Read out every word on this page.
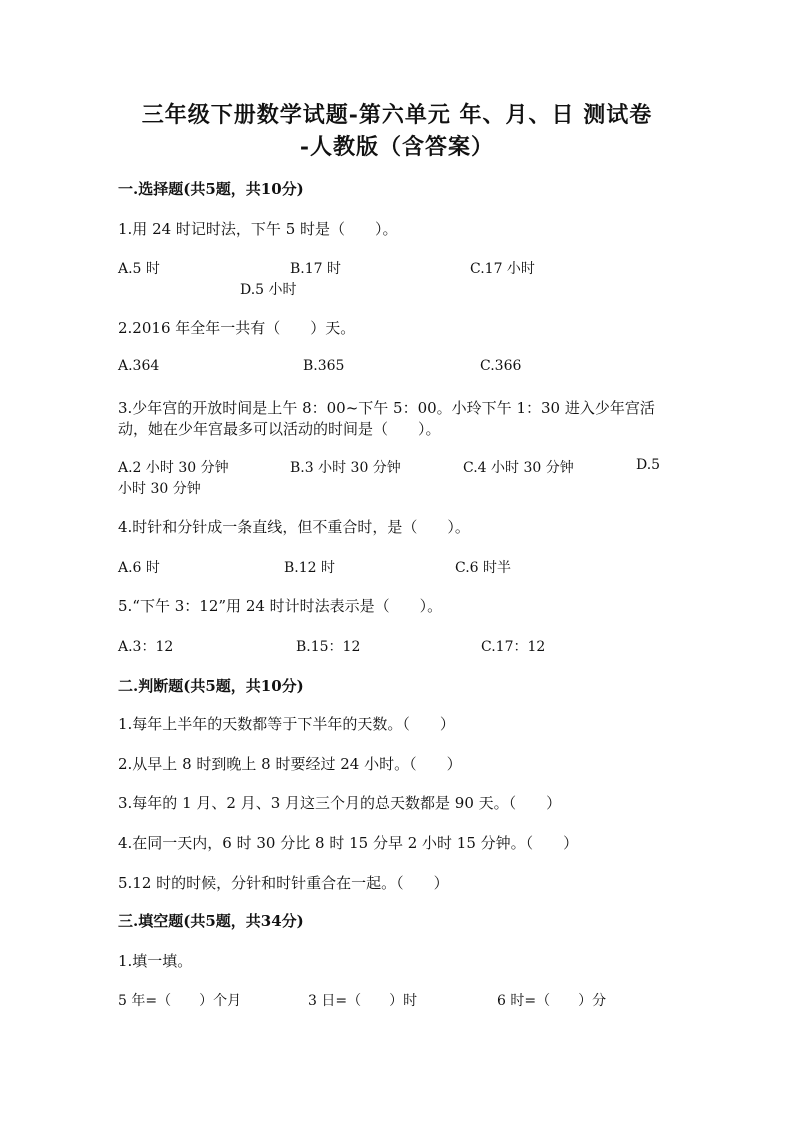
三年级下册数学试题-第六单元 年、月、日 测试卷
-人教版（含答案）
一.选择题(共5题，共10分)
1.用 24 时记时法，下午 5 时是（　　）。
A.5 时	B.17 时	C.17 小时
D.5 小时
2.2016 年全年一共有（　　）天。
A.364	B.365	C.366
3.少年宫的开放时间是上午 8：00~下午 5：00。小玲下午 1：30 进入少年宫活
动，她在少年宫最多可以活动的时间是（　　）。
A.2 小时 30 分钟	B.3 小时 30 分钟	C.4 小时 30 分钟	D.5
小时 30 分钟
4.时针和分针成一条直线，但不重合时，是（　　）。
A.6 时	B.12 时	C.6 时半
5.“下午 3：12”用 24 时计时法表示是（　　）。
A.3：12	B.15：12	C.17：12
二.判断题(共5题，共10分)
1.每年上半年的天数都等于下半年的天数。（　　）
2.从早上 8 时到晚上 8 时要经过 24 小时。（　　）
3.每年的 1 月、2 月、3 月这三个月的总天数都是 90 天。（　　）
4.在同一天内，6 时 30 分比 8 时 15 分早 2 小时 15 分钟。（　　）
5.12 时的时候，分针和时针重合在一起。（　　）
三.填空题(共5题，共34分)
1.填一填。
5 年=（　　）个月	3 日=（　　）时	6 时=（　　）分
